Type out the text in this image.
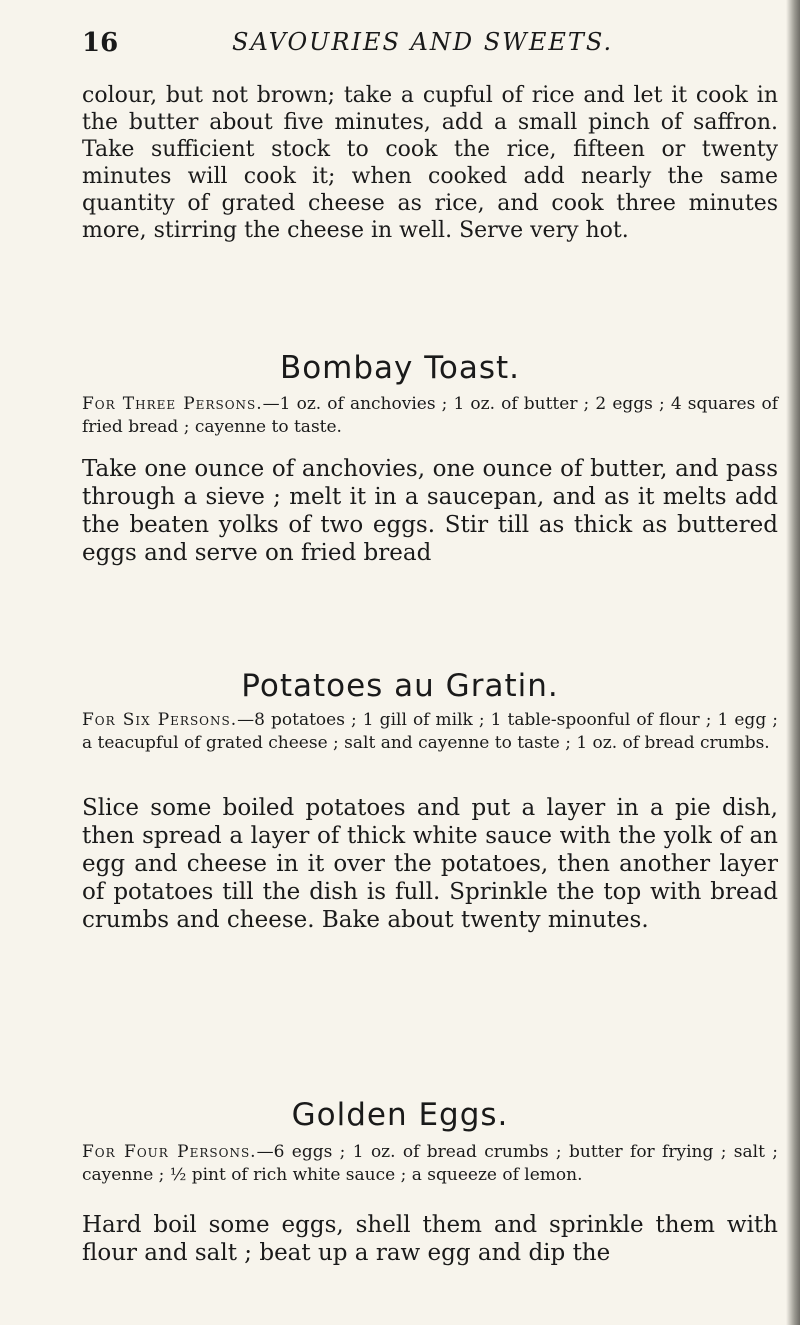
16	SAVOURIES AND SWEETS.
colour, but not brown; take a cupful of rice and let it cook in the butter about five minutes, add a small pinch of saffron. Take sufficient stock to cook the rice, fifteen or twenty minutes will cook it; when cooked add nearly the same quantity of grated cheese as rice, and cook three minutes more, stirring the cheese in well. Serve very hot.
Bombay Toast.
For Three Persons.—1 oz. of anchovies ; 1 oz. of butter ; 2 eggs ; 4 squares of fried bread ; cayenne to taste.
Take one ounce of anchovies, one ounce of butter, and pass through a sieve ; melt it in a saucepan, and as it melts add the beaten yolks of two eggs. Stir till as thick as buttered eggs and serve on fried bread
Potatoes au Gratin.
For Six Persons.—8 potatoes ; 1 gill of milk ; 1 table-spoonful of flour ; 1 egg ; a teacupful of grated cheese ; salt and cayenne to taste ; 1 oz. of bread crumbs.
Slice some boiled potatoes and put a layer in a pie dish, then spread a layer of thick white sauce with the yolk of an egg and cheese in it over the potatoes, then another layer of potatoes till the dish is full. Sprinkle the top with bread crumbs and cheese. Bake about twenty minutes.
Golden Eggs.
For Four Persons.—6 eggs ; 1 oz. of bread crumbs ; butter for frying ; salt ; cayenne ; ½ pint of rich white sauce ; a squeeze of lemon.
Hard boil some eggs, shell them and sprinkle them with flour and salt ; beat up a raw egg and dip the
